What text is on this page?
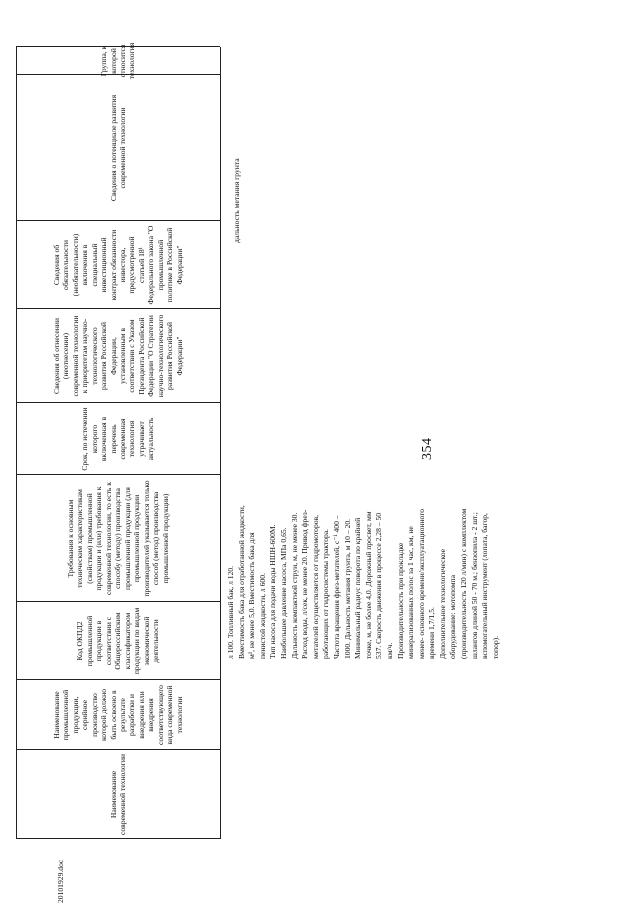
Наименование современной технологии
Наименование промышленной продукции, серийное производство которой должно быть освоено в результате разработки и внедрения или внедрения соответствующего вида современной технологии
Код ОКПД2 промышленной продукции в соответствии с Общероссийским классификатором продукции по видам экономической деятельности
Требования к основным техническим характеристикам (свойствам) промышленной продукции и (или) требования к современной технологии, то есть к способу (методу) производства промышленной продукции (для промышленной продукции производителей указывается только способ (метод) производства промышленной продукции)
Срок, по истечении которого включенная в перечень современная технология утрачивает актуальность
Сведения об отнесении (неотнесении) современной технологии к приоритетам научно-технологического развития Российской Федерации, установленным в соответствии с Указом Президента Российской Федерации "О Стратегии научно-технологического развития Российской Федерации"
Сведения об обязательности (необязательности) включения в специальный инвестиционный контракт обязанности инвестора, предусмотренной статьей 18¹ Федерального закона "О промышленной политике в Российской Федерации"
Сведения о потенциале развития современной технологии
Группа, к которой относится технология
354
л 100. Топливный бак, л 120.
Вместимость бака для отработанной жидкости, м³, не менее 5,0. Вместимость бака для пенистой жидкости, л 600.
Тип насоса для подачи воды НШН-600М.
Наибольшее давление насоса, МПа 0,65. Дальность компактной струи, м, не менее 30. Расход воды, л/сек, не менее 20. Привод фрез-метателей осуществляется от гидромоторов, работающих от гидросистемы трактора. Частота вращения фрез-метателей, с⁻¹ 400 – 1000. Дальность метания грунта, м 10 – 20. Минимальный радиус поворота по крайней точке, м, не более 4,0. Дорожный просвет, мм 537. Скорость движения в процессе 2,28 – 50 км/ч.
Производительность при прокладке минерализованных полос за 1 час, км, не менее- основного времени/эксплуатационного времени 1,7/1,5.
Дополнительное технологическое оборудование: мотопомпа (производительность 120 л/мин) с комплектом шлангов длиной 50 - 70 м.; бензопила - 2 шт.; вспомогательный инструмент (лопата, багор, топор).
дальность метания грунта
20101929.doc
